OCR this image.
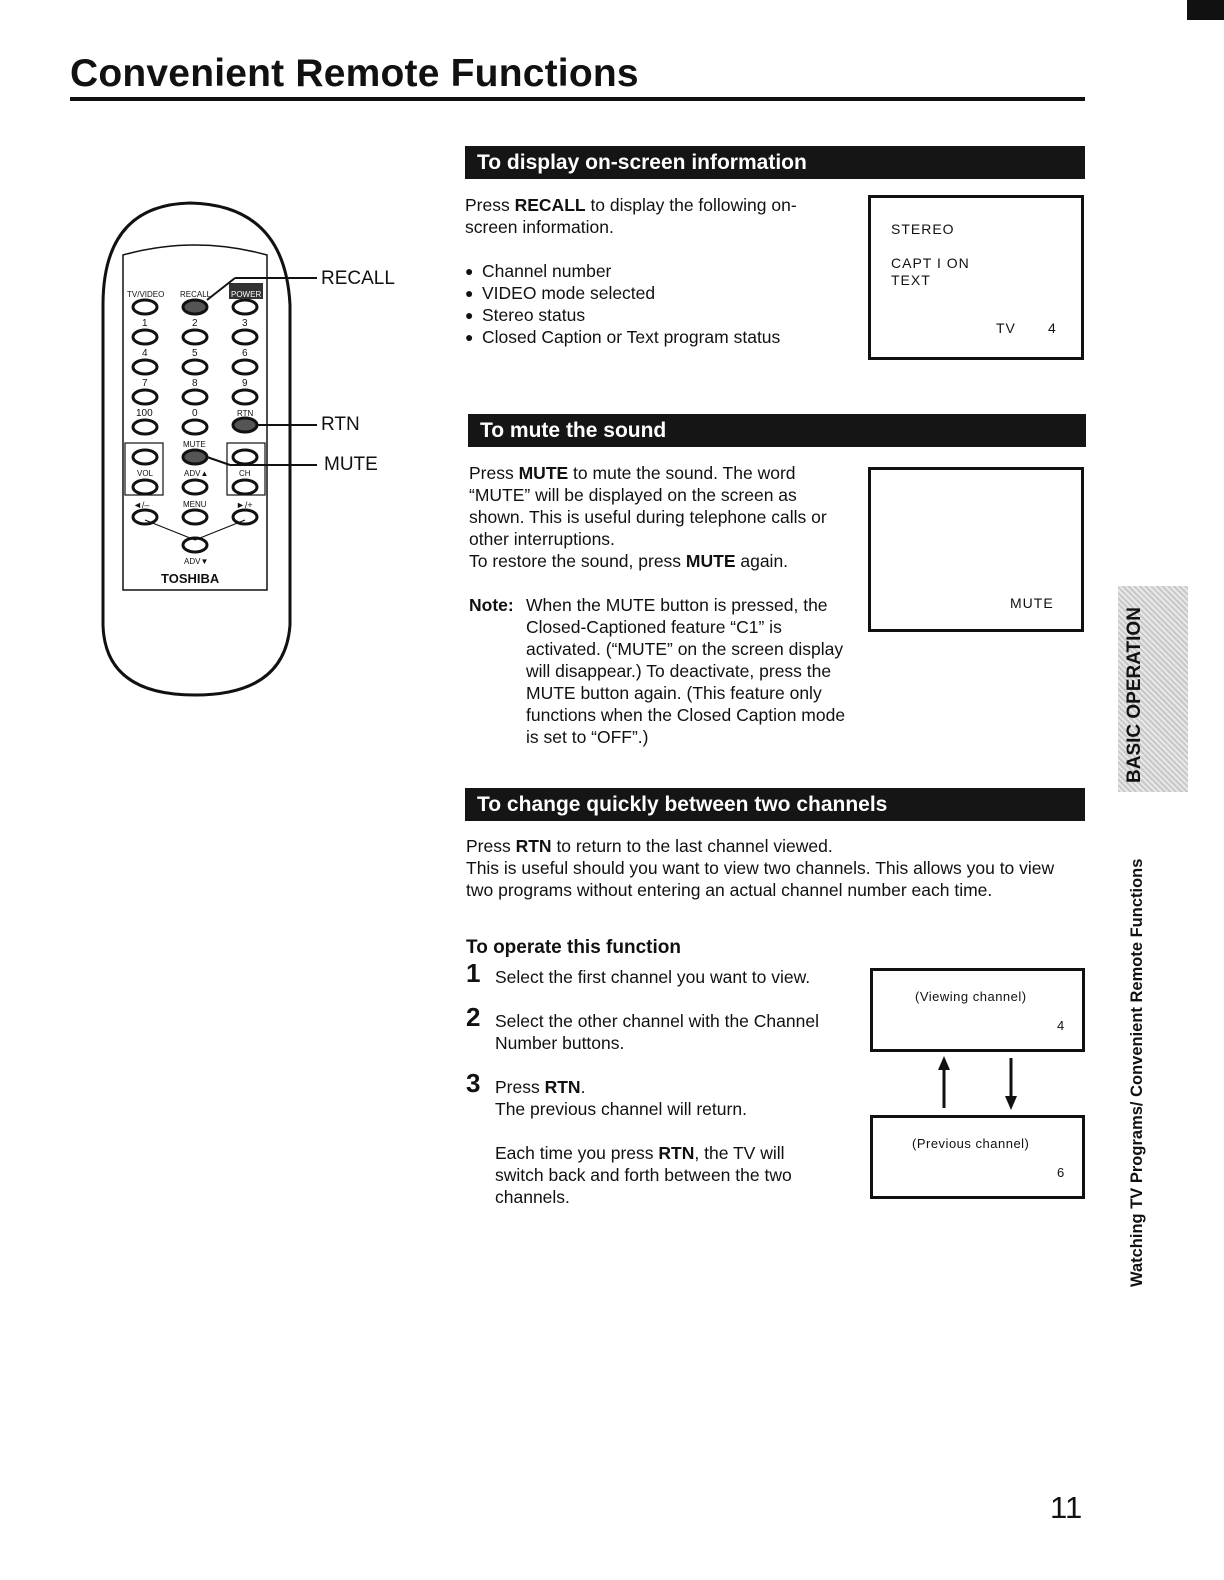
Convenient Remote Functions
TV/VIDEO RECALL POWER
1	2	3
4	5	6
7	8	9
100	0	RTN
MUTE
VOL	ADV▲	CH
MENU
◄/–	►/+
ADV▼
TOSHIBA
RECALL
RTN
MUTE
To display on-screen information
Press RECALL to display the following on-screen information.
● Channel number
● VIDEO mode selected
● Stereo status
● Closed Caption or Text program status
STEREO
CAPT I ON
TEXT
TV 4
To mute the sound
Press MUTE to mute the sound. The word “MUTE” will be displayed on the screen as shown. This is useful during telephone calls or other interruptions.
To restore the sound, press MUTE again.
Note: When the MUTE button is pressed, the Closed-Captioned feature “C1” is activated. (“MUTE” on the screen display will disappear.) To deactivate, press the MUTE button again. (This feature only functions when the Closed Caption mode is set to “OFF”.)
MUTE
To change quickly between two channels
Press RTN to return to the last channel viewed.
This is useful should you want to view two channels. This allows you to view two programs without entering an actual channel number each time.
To operate this function
1 Select the first channel you want to view.
2 Select the other channel with the Channel Number buttons.
3 Press RTN.
The previous channel will return.
Each time you press RTN, the TV will switch back and forth between the two channels.
(Viewing channel)
4
(Previous channel)
6
BASIC OPERATION
Watching TV Programs/ Convenient Remote Functions
11
